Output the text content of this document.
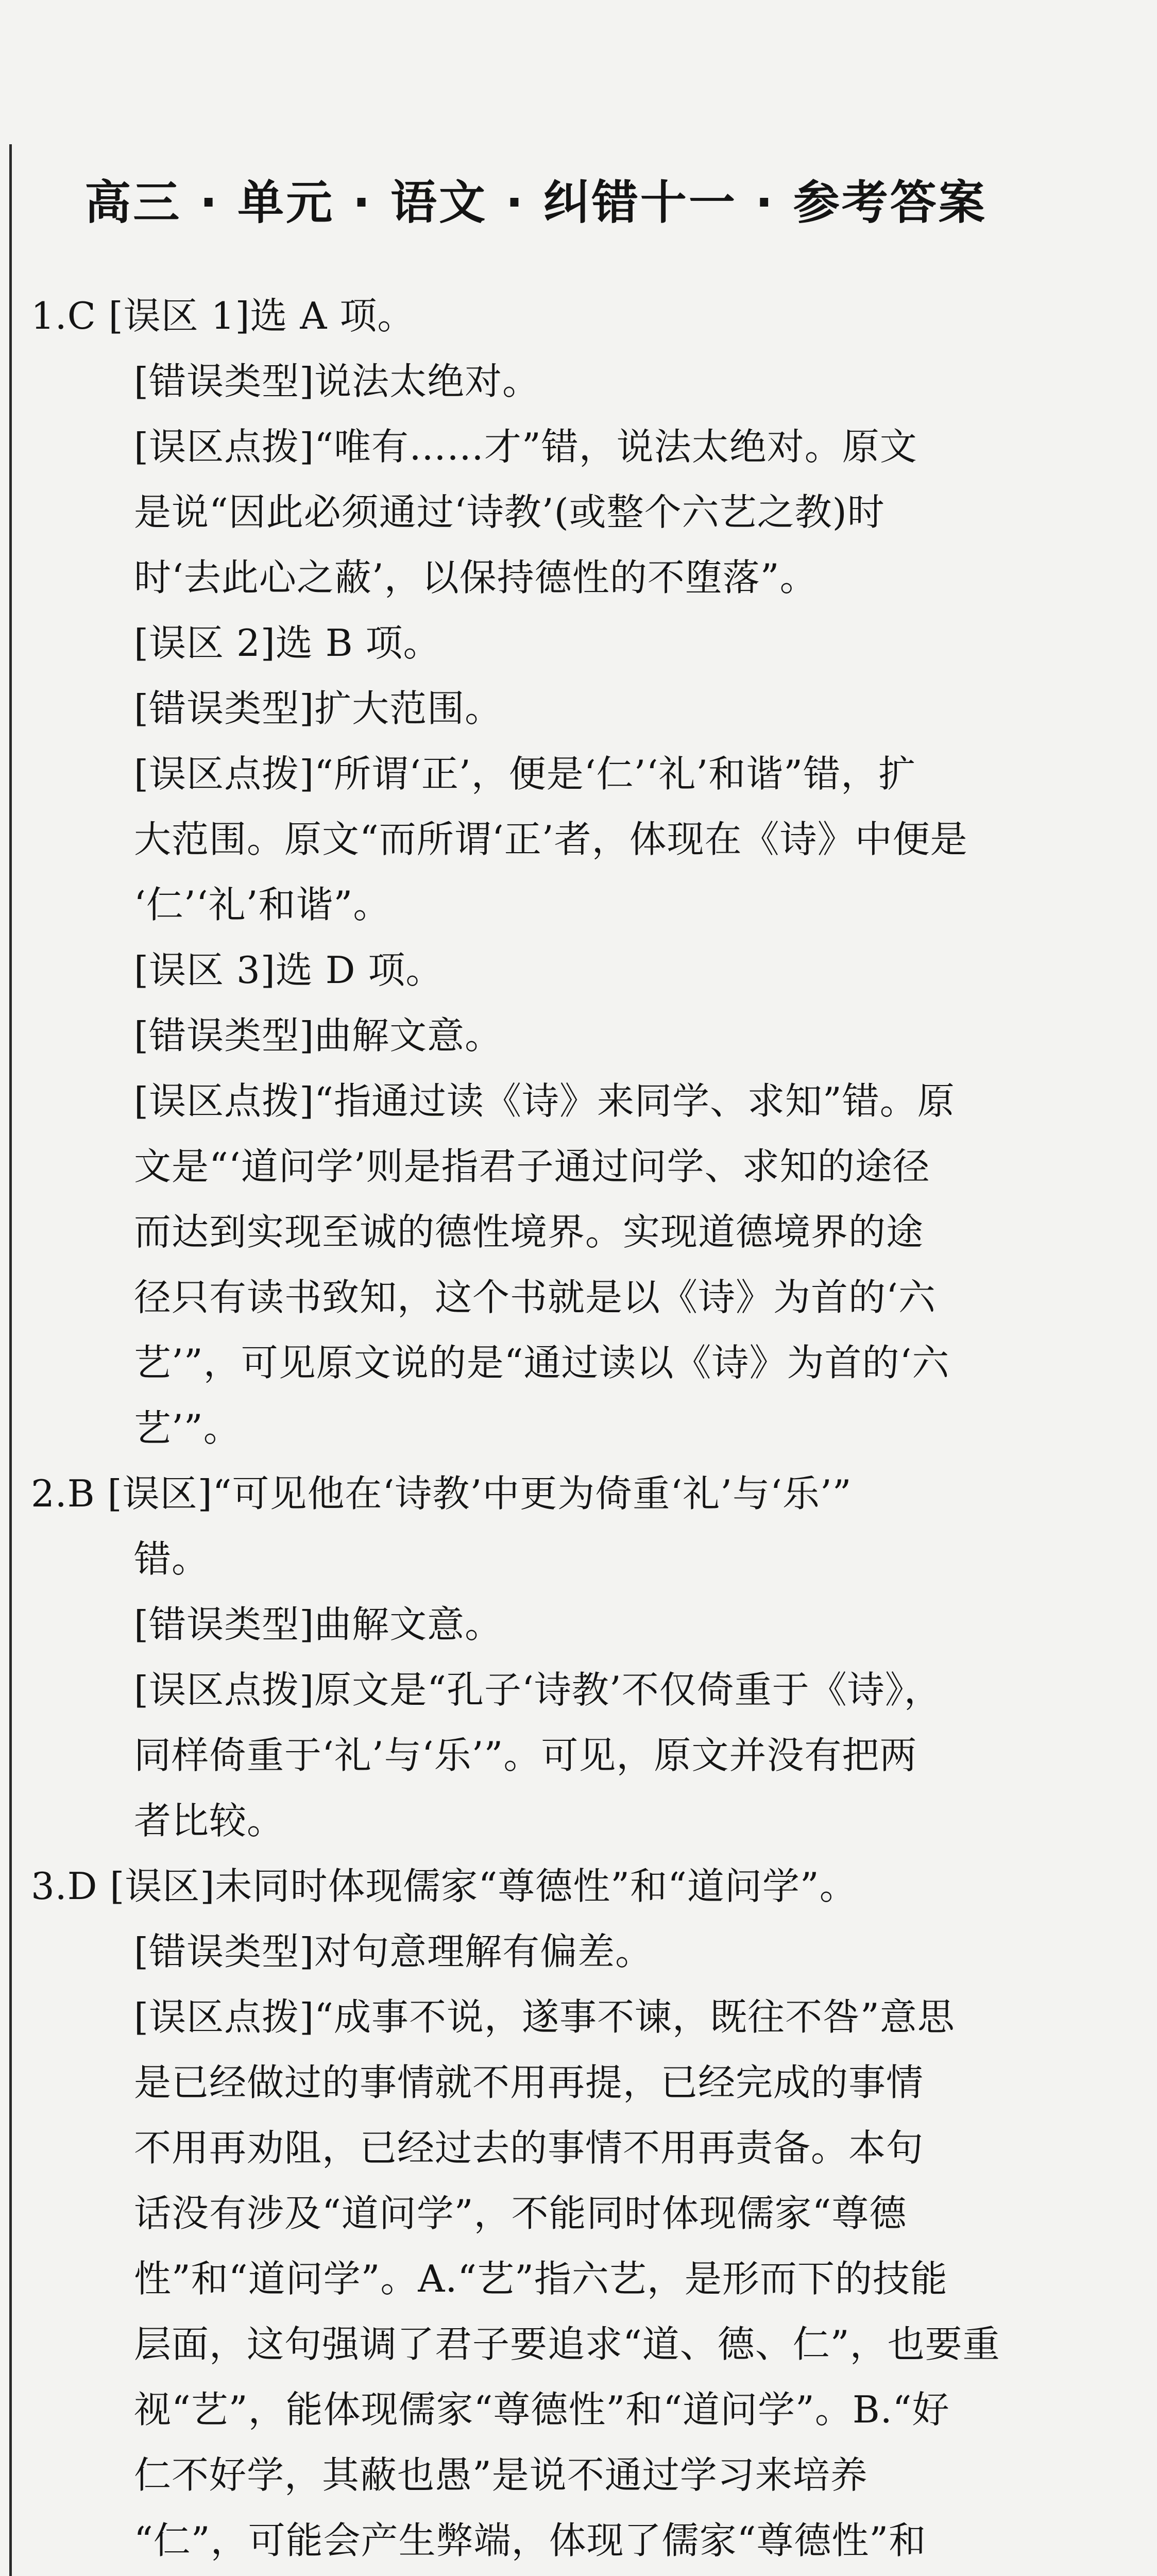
高三 · 单元 · 语文 · 纠错十一 · 参考答案
1.C [误区 1]选 A 项。
[错误类型]说法太绝对。
[误区点拨]“唯有……才”错，说法太绝对。原文
是说“因此必须通过‘诗教’(或整个六艺之教)时
时‘去此心之蔽’，以保持德性的不堕落”。
[误区 2]选 B 项。
[错误类型]扩大范围。
[误区点拨]“所谓‘正’，便是‘仁’‘礼’和谐”错，扩
大范围。原文“而所谓‘正’者，体现在《诗》中便是
‘仁’‘礼’和谐”。
[误区 3]选 D 项。
[错误类型]曲解文意。
[误区点拨]“指通过读《诗》来同学、求知”错。原
文是“‘道问学’则是指君子通过问学、求知的途径
而达到实现至诚的德性境界。实现道德境界的途
径只有读书致知，这个书就是以《诗》为首的‘六
艺’”，可见原文说的是“通过读以《诗》为首的‘六
艺’”。
2.B [误区]“可见他在‘诗教’中更为倚重‘礼’与‘乐’”
错。
[错误类型]曲解文意。
[误区点拨]原文是“孔子‘诗教’不仅倚重于《诗》，
同样倚重于‘礼’与‘乐’”。可见，原文并没有把两
者比较。
3.D [误区]未同时体现儒家“尊德性”和“道问学”。
[错误类型]对句意理解有偏差。
[误区点拨]“成事不说，遂事不谏，既往不咎”意思
是已经做过的事情就不用再提，已经完成的事情
不用再劝阻，已经过去的事情不用再责备。本句
话没有涉及“道问学”，不能同时体现儒家“尊德
性”和“道问学”。A.“艺”指六艺，是形而下的技能
层面，这句强调了君子要追求“道、德、仁”，也要重
视“艺”，能体现儒家“尊德性”和“道问学”。B.“好
仁不好学，其蔽也愚”是说不通过学习来培养
“仁”，可能会产生弊端，体现了儒家“尊德性”和
